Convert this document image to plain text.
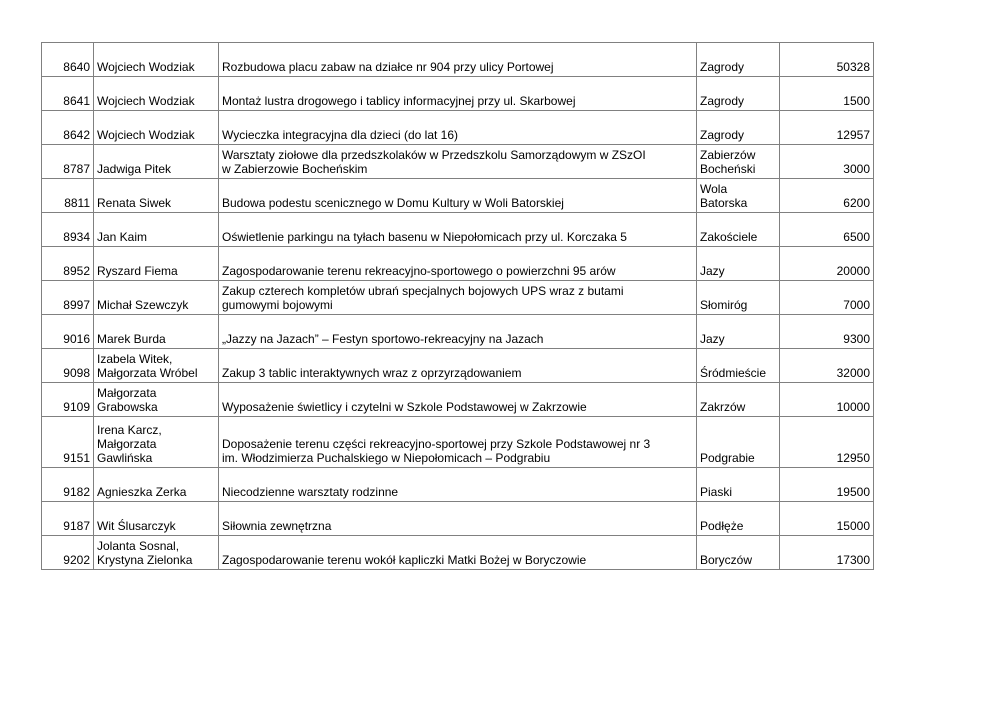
8640	Wojciech Wodziak	Rozbudowa placu zabaw na działce nr 904 przy ulicy Portowej	Zagrody	50328
8641	Wojciech Wodziak	Montaż lustra drogowego i tablicy informacyjnej przy ul. Skarbowej	Zagrody	1500
8642	Wojciech Wodziak	Wycieczka integracyjna dla dzieci (do lat 16)	Zagrody	12957
8787	Jadwiga Pitek	Warsztaty ziołowe dla przedszkolaków w Przedszkolu Samorządowym w ZSzOI
w Zabierzowie Bocheńskim	Zabierzów
Bocheński	3000
8811	Renata Siwek	Budowa podestu scenicznego w Domu Kultury w Woli Batorskiej	Wola
Batorska	6200
8934	Jan Kaim	Oświetlenie parkingu na tyłach basenu w Niepołomicach przy ul. Korczaka 5	Zakościele	6500
8952	Ryszard Fiema	Zagospodarowanie terenu rekreacyjno-sportowego o powierzchni 95 arów	Jazy	20000
8997	Michał Szewczyk	Zakup czterech kompletów ubrań specjalnych bojowych UPS wraz z butami
gumowymi bojowymi	Słomiróg	7000
9016	Marek Burda	„Jazzy na Jazach” – Festyn sportowo-rekreacyjny na Jazach	Jazy	9300
9098	Izabela Witek,
Małgorzata Wróbel	Zakup 3 tablic interaktywnych wraz z oprzyrządowaniem	Śródmieście	32000
9109	Małgorzata
Grabowska	Wyposażenie świetlicy i czytelni w Szkole Podstawowej w Zakrzowie	Zakrzów	10000
9151	Irena Karcz,
Małgorzata
Gawlińska	Doposażenie terenu części rekreacyjno-sportowej przy Szkole Podstawowej nr 3
im. Włodzimierza Puchalskiego w Niepołomicach – Podgrabiu	Podgrabie	12950
9182	Agnieszka Zerka	Niecodzienne warsztaty rodzinne	Piaski	19500
9187	Wit Ślusarczyk	Siłownia zewnętrzna	Podłęże	15000
9202	Jolanta Sosnal,
Krystyna Zielonka	Zagospodarowanie terenu wokół kapliczki Matki Bożej w Boryczowie	Boryczów	17300
